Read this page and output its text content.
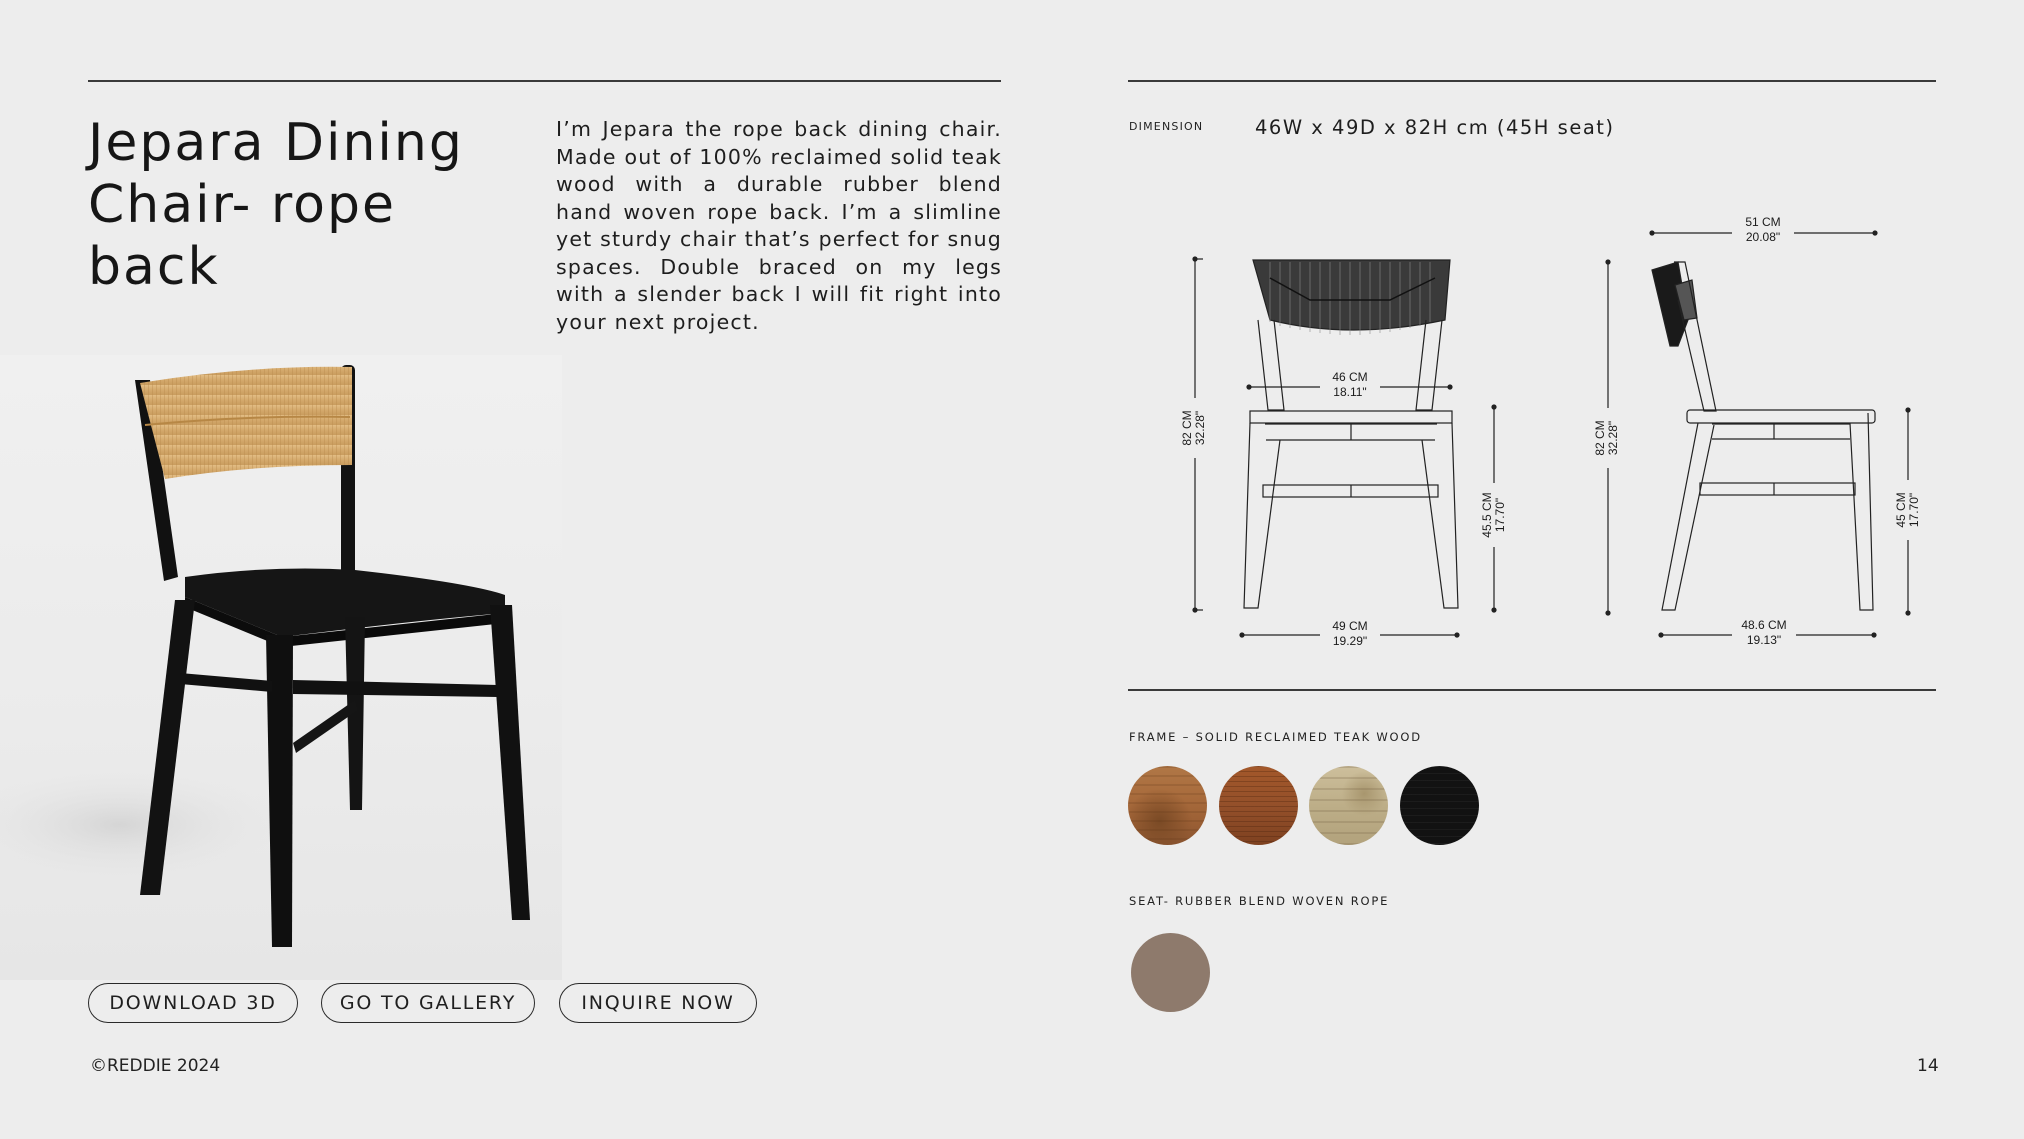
Jepara Dining
Chair- rope back
I’m Jepara the rope back dining chair. Made out of 100% reclaimed solid teak wood with a durable rubber blend hand woven rope back. I’m a slimline yet sturdy chair that’s perfect for snug spaces. Double braced on my legs with a slender back I will fit right into your next project.
DOWNLOAD 3D	GO TO GALLERY	INQUIRE NOW
©REDDIE 2024	14
DIMENSION	46W x 49D x 82H cm (45H seat)
82 CM 32.28"
46 CM
18.11"
45.5 CM 17.70"
49 CM
19.29"
51 CM
20.08"
82 CM 32.28"
45 CM 17.70"
48.6 CM
19.13"
FRAME – SOLID RECLAIMED TEAK WOOD
SEAT- RUBBER BLEND WOVEN ROPE
